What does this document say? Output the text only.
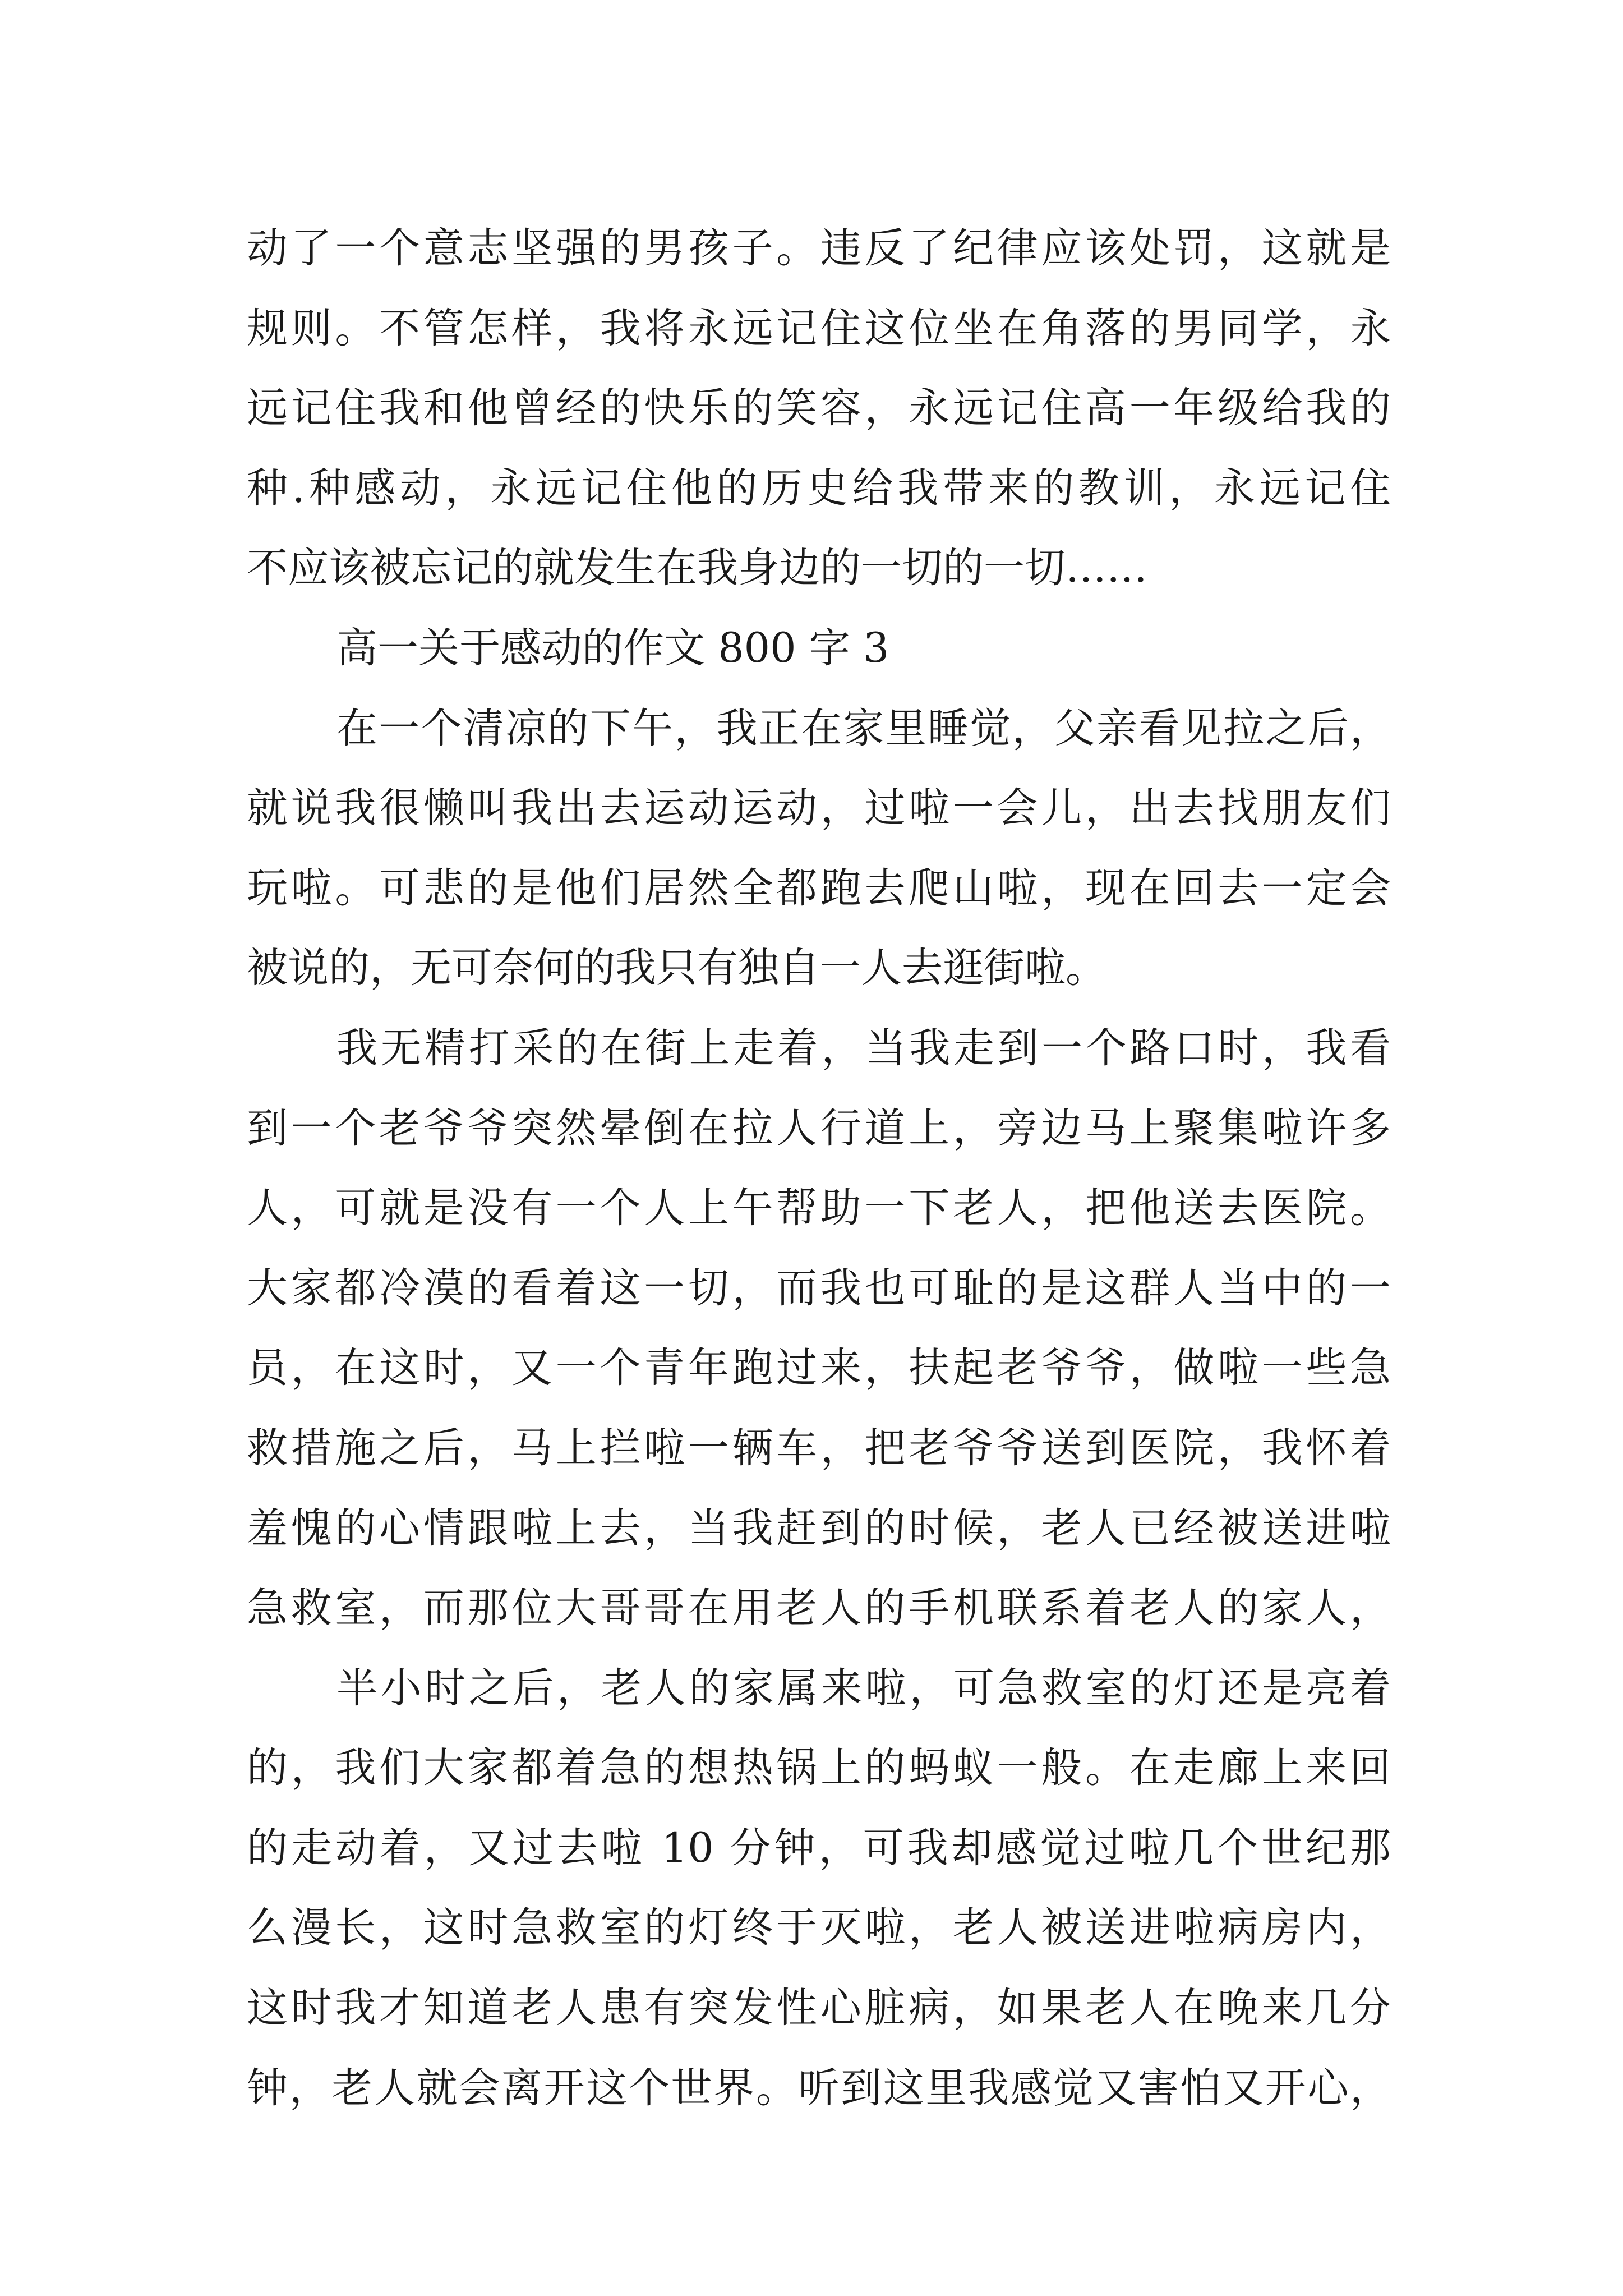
动了一个意志坚强的男孩子。违反了纪律应该处罚，这就是
规则。不管怎样，我将永远记住这位坐在角落的男同学，永
远记住我和他曾经的快乐的笑容，永远记住高一年级给我的
种.种感动，永远记住他的历史给我带来的教训，永远记住
不应该被忘记的就发生在我身边的一切的一切……
高一关于感动的作文 800 字 3
在一个清凉的下午，我正在家里睡觉，父亲看见拉之后，
就说我很懒叫我出去运动运动，过啦一会儿，出去找朋友们
玩啦。可悲的是他们居然全都跑去爬山啦，现在回去一定会
被说的，无可奈何的我只有独自一人去逛街啦。
我无精打采的在街上走着，当我走到一个路口时，我看
到一个老爷爷突然晕倒在拉人行道上，旁边马上聚集啦许多
人，可就是没有一个人上午帮助一下老人，把他送去医院。
大家都冷漠的看着这一切，而我也可耻的是这群人当中的一
员，在这时，又一个青年跑过来，扶起老爷爷，做啦一些急
救措施之后，马上拦啦一辆车，把老爷爷送到医院，我怀着
羞愧的心情跟啦上去，当我赶到的时候，老人已经被送进啦
急救室，而那位大哥哥在用老人的手机联系着老人的家人，
半小时之后，老人的家属来啦，可急救室的灯还是亮着
的，我们大家都着急的想热锅上的蚂蚁一般。在走廊上来回
的走动着，又过去啦 10 分钟，可我却感觉过啦几个世纪那
么漫长，这时急救室的灯终于灭啦，老人被送进啦病房内，
这时我才知道老人患有突发性心脏病，如果老人在晚来几分
钟，老人就会离开这个世界。听到这里我感觉又害怕又开心，
